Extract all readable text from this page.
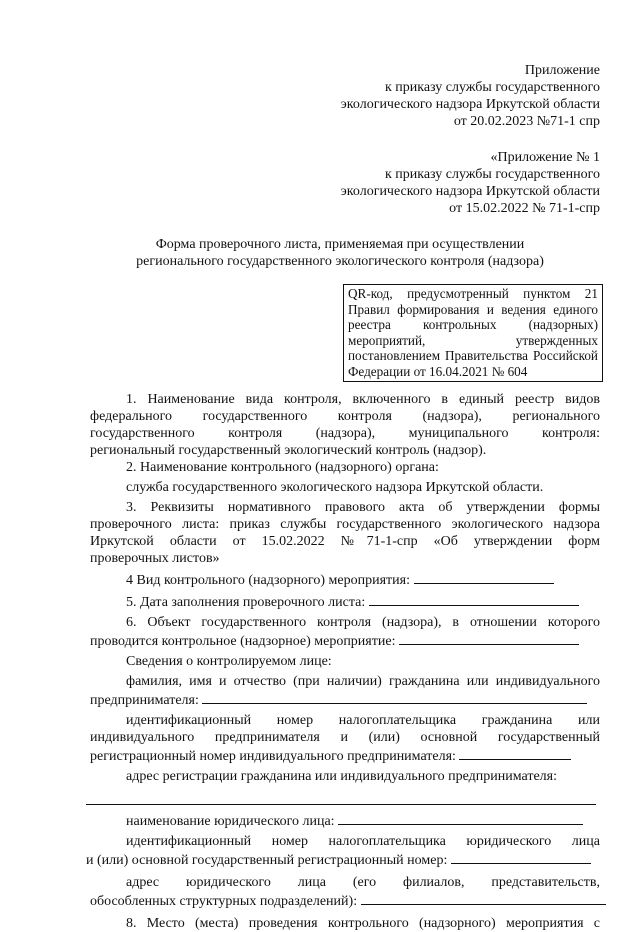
Приложение
к приказу службы государственного
экологического надзора Иркутской области
от 20.02.2023 №71-1 спр
«Приложение № 1
к приказу службы государственного
экологического надзора Иркутской области
от 15.02.2022 № 71-1-спр
Форма проверочного листа, применяемая при осуществлении
регионального государственного экологического контроля (надзора)
QR-код, предусмотренный пунктом 21
Правил формирования и ведения единого
реестра контрольных (надзорных)
мероприятий, утвержденных
постановлением Правительства Российской
Федерации от 16.04.2021 № 604
1. Наименование вида контроля, включенного в единый реестр видов
федерального государственного контроля (надзора), регионального
государственного контроля (надзора), муниципального контроля:
региональный государственный экологический контроль (надзор).
2. Наименование контрольного (надзорного) органа:
служба государственного экологического надзора Иркутской области.
3. Реквизиты нормативного правового акта об утверждении формы
проверочного листа: приказ службы государственного экологического надзора
Иркутской области от 15.02.2022 №71-1-спр «Об утверждении форм
проверочных листов»
4 Вид контрольного (надзорного) мероприятия:
5. Дата заполнения проверочного листа:
6. Объект государственного контроля (надзора), в отношении которого
проводится контрольное (надзорное) мероприятие:
Сведения о контролируемом лице:
фамилия, имя и отчество (при наличии) гражданина или индивидуального
предпринимателя:
идентификационный номер налогоплательщика гражданина или
индивидуального предпринимателя и (или) основной государственный
регистрационный номер индивидуального предпринимателя:
адрес регистрации гражданина или индивидуального предпринимателя:
наименование юридического лица:
идентификационный номер налогоплательщика юридического лица
и (или) основной государственный регистрационный номер:
адрес юридического лица (его филиалов, представительств,
обособленных структурных подразделений):
8. Место (места) проведения контрольного (надзорного) мероприятия с
